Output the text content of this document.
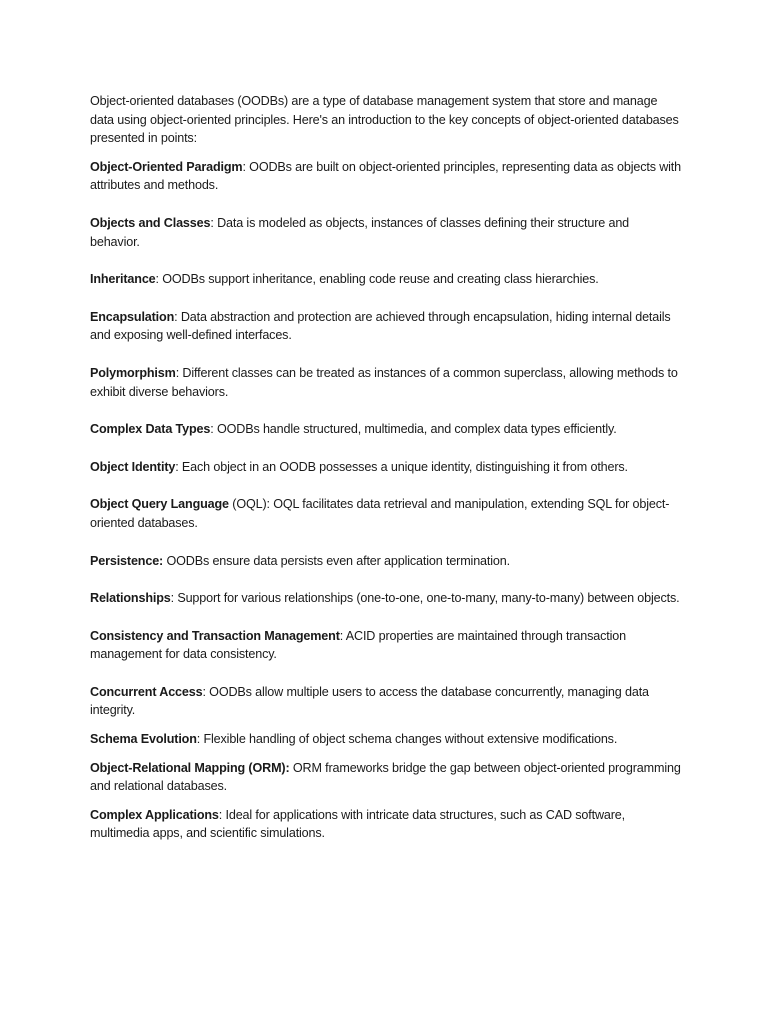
Object-oriented databases (OODBs) are a type of database management system that store and manage data using object-oriented principles. Here's an introduction to the key concepts of object-oriented databases presented in points:

Object-Oriented Paradigm: OODBs are built on object-oriented principles, representing data as objects with attributes and methods.

Objects and Classes: Data is modeled as objects, instances of classes defining their structure and behavior.

Inheritance: OODBs support inheritance, enabling code reuse and creating class hierarchies.

Encapsulation: Data abstraction and protection are achieved through encapsulation, hiding internal details and exposing well-defined interfaces.

Polymorphism: Different classes can be treated as instances of a common superclass, allowing methods to exhibit diverse behaviors.

Complex Data Types: OODBs handle structured, multimedia, and complex data types efficiently.

Object Identity: Each object in an OODB possesses a unique identity, distinguishing it from others.

Object Query Language (OQL): OQL facilitates data retrieval and manipulation, extending SQL for object-oriented databases.

Persistence: OODBs ensure data persists even after application termination.

Relationships: Support for various relationships (one-to-one, one-to-many, many-to-many) between objects.

Consistency and Transaction Management: ACID properties are maintained through transaction management for data consistency.

Concurrent Access: OODBs allow multiple users to access the database concurrently, managing data integrity.

Schema Evolution: Flexible handling of object schema changes without extensive modifications.

Object-Relational Mapping (ORM): ORM frameworks bridge the gap between object-oriented programming and relational databases.

Complex Applications: Ideal for applications with intricate data structures, such as CAD software, multimedia apps, and scientific simulations.
